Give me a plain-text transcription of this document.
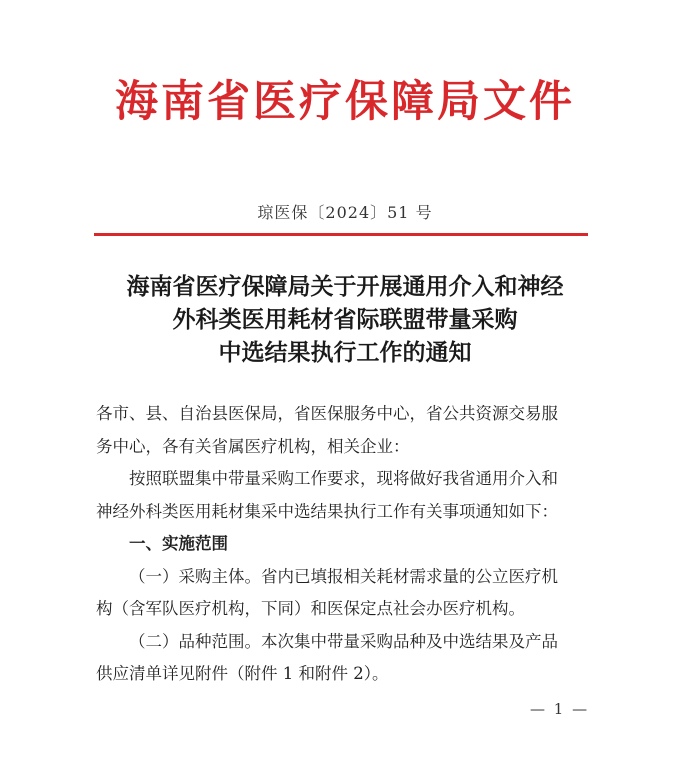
海南省医疗保障局文件
琼医保〔2024〕51 号
海南省医疗保障局关于开展通用介入和神经
外科类医用耗材省际联盟带量采购
中选结果执行工作的通知
各市、县、自治县医保局，省医保服务中心，省公共资源交易服
务中心，各有关省属医疗机构，相关企业：
按照联盟集中带量采购工作要求，现将做好我省通用介入和
神经外科类医用耗材集采中选结果执行工作有关事项通知如下：
一、实施范围
（一）采购主体。省内已填报相关耗材需求量的公立医疗机
构（含军队医疗机构，下同）和医保定点社会办医疗机构。
（二）品种范围。本次集中带量采购品种及中选结果及产品
供应清单详见附件（附件 1 和附件 2）。
— 1 —
